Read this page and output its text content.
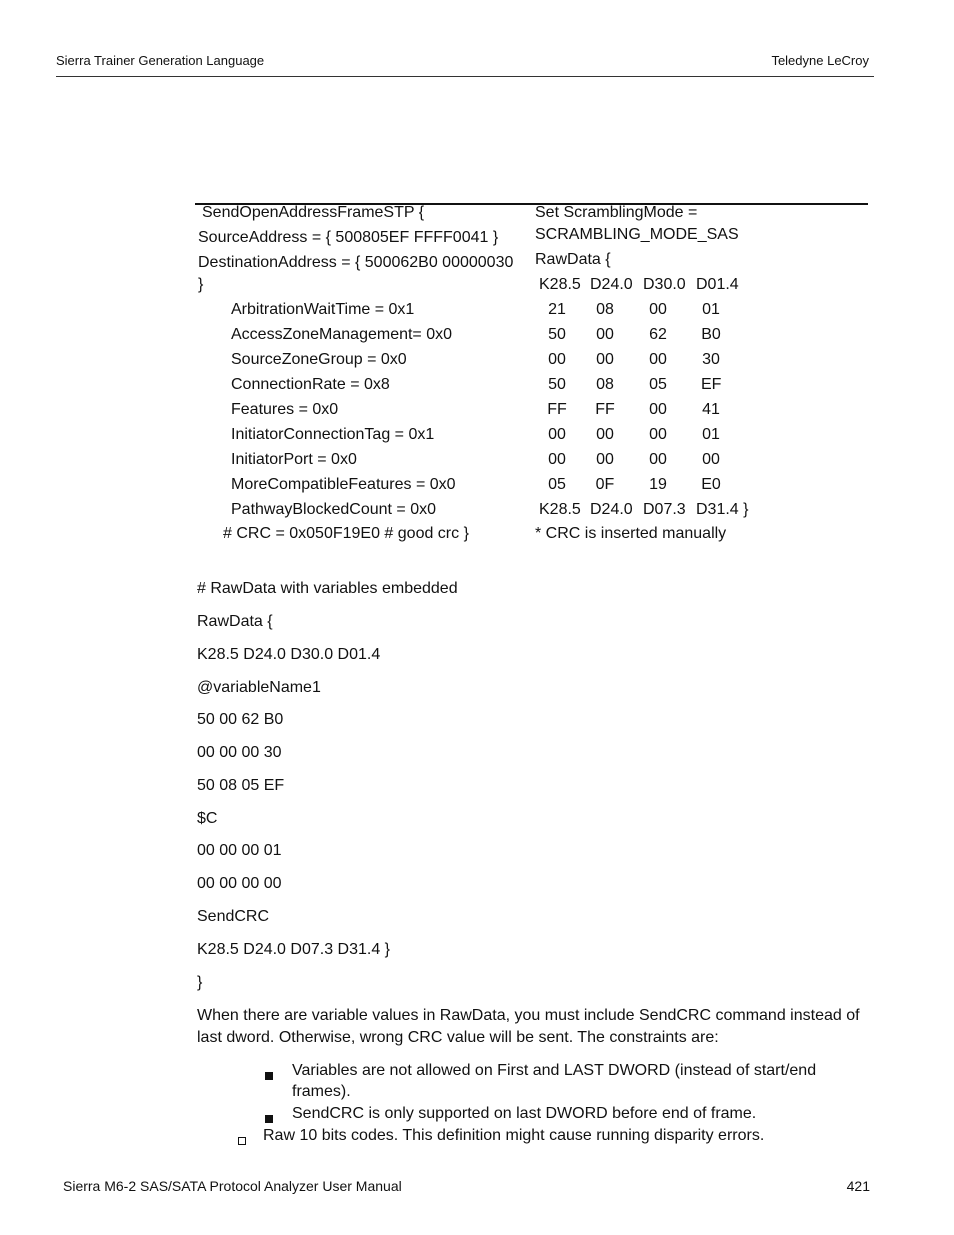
Sierra Trainer Generation Language	Teledyne LeCroy
SendOpenAddressFrameSTP {
SourceAddress = { 500805EF FFFF0041 }
DestinationAddress = { 500062B0 00000030
}
ArbitrationWaitTime = 0x1
AccessZoneManagement= 0x0
SourceZoneGroup = 0x0
ConnectionRate = 0x8
Features = 0x0
InitiatorConnectionTag = 0x1
InitiatorPort = 0x0
MoreCompatibleFeatures = 0x0
PathwayBlockedCount = 0x0
# CRC = 0x050F19E0 # good crc }
Set ScramblingMode =
SCRAMBLING_MODE_SAS
RawData {
K28.5 D24.0 D30.0 D01.4
21 08 00 01
50 00 62 B0
00 00 00 30
50 08 05 EF
FF FF 00 41
00 00 00 01
00 00 00 00
05 0F 19 E0
K28.5 D24.0 D07.3 D31.4 }
* CRC is inserted manually
# RawData with variables embedded
RawData {
K28.5 D24.0 D30.0 D01.4
@variableName1
50 00 62 B0
00 00 00 30
50 08 05 EF
$C
00 00 00 01
00 00 00 00
SendCRC
K28.5 D24.0 D07.3 D31.4 }
}
When there are variable values in RawData, you must include SendCRC command instead of last dword. Otherwise, wrong CRC value will be sent. The constraints are:
Variables are not allowed on First and LAST DWORD (instead of start/end frames).
SendCRC is only supported on last DWORD before end of frame.
Raw 10 bits codes. This definition might cause running disparity errors.
Sierra M6-2 SAS/SATA Protocol Analyzer User Manual	421
